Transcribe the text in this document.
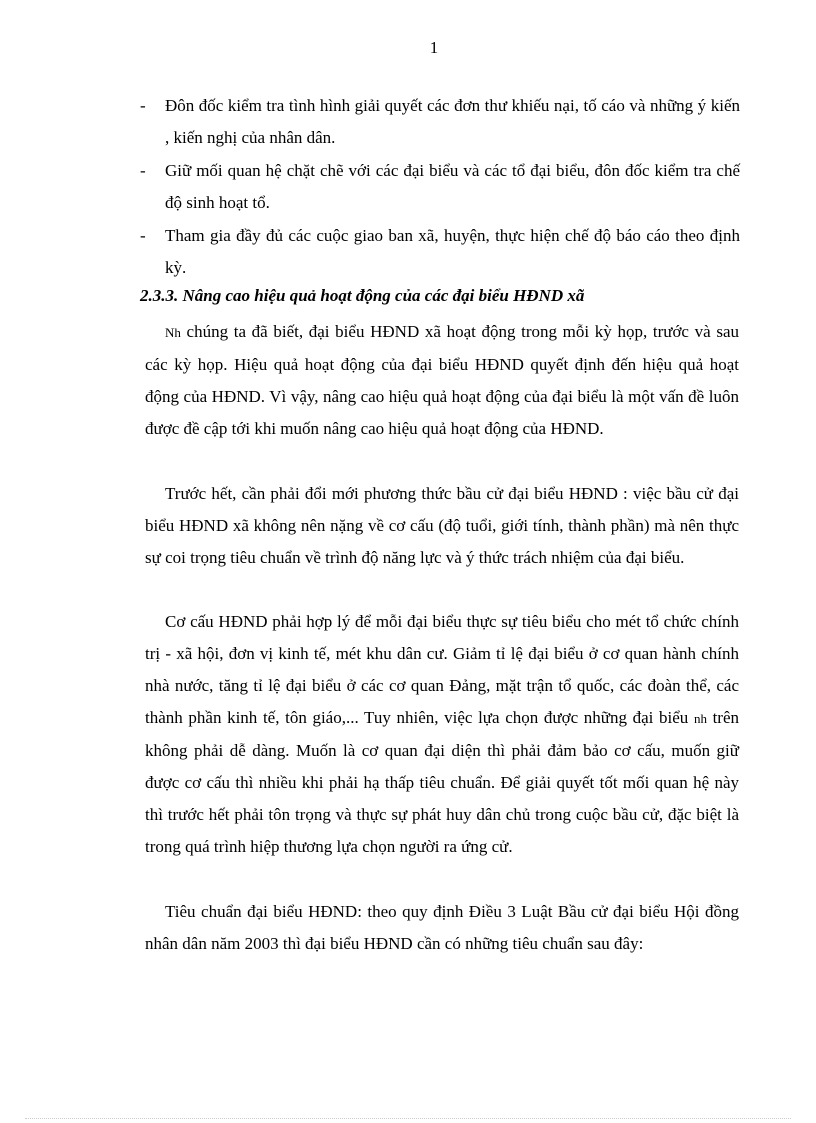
1
- Đôn đốc kiểm tra tình hình giải quyết các đơn thư khiếu nại, tố cáo và những ý kiến , kiến nghị của nhân dân.
- Giữ mối quan hệ chặt chẽ với các đại biểu và các tổ đại biểu, đôn đốc kiểm tra chế độ sinh hoạt tổ.
- Tham gia đầy đủ các cuộc giao ban xã, huyện, thực hiện chế độ báo cáo theo định kỳ.
2.3.3. Nâng cao hiệu quả hoạt động của các đại biểu HĐND xã
Nh chúng ta đã biết, đại biểu HĐND xã hoạt động trong mỗi kỳ họp, trước và sau các kỳ họp. Hiệu quả hoạt động của đại biểu HĐND quyết định đến hiệu quả hoạt động của HĐND. Vì vậy, nâng cao hiệu quả hoạt động của đại biểu là một vấn đề luôn được đề cập tới khi muốn nâng cao hiệu quả hoạt động của HĐND.
Trước hết, cần phải đổi mới phương thức bầu cử đại biểu HĐND : việc bầu cử đại biểu HĐND xã không nên nặng về cơ cấu (độ tuổi, giới tính, thành phần) mà nên thực sự coi trọng tiêu chuẩn về trình độ năng lực và ý thức trách nhiệm của đại biểu.
Cơ cấu HĐND phải hợp lý để mỗi đại biểu thực sự tiêu biểu cho mét tổ chức chính trị - xã hội, đơn vị kinh tế, mét khu dân cư. Giảm tỉ lệ đại biểu ở cơ quan hành chính nhà nước, tăng tỉ lệ đại biểu ở các cơ quan Đảng, mặt trận tổ quốc, các đoàn thể, các thành phần kinh tế, tôn giáo,... Tuy nhiên, việc lựa chọn được những đại biểu nh trên không phải dễ dàng. Muốn là cơ quan đại diện thì phải đảm bảo cơ cấu, muốn giữ được cơ cấu thì nhiều khi phải hạ thấp tiêu chuẩn. Để giải quyết tốt mối quan hệ này thì trước hết phải tôn trọng và thực sự phát huy dân chủ trong cuộc bầu cử, đặc biệt là trong quá trình hiệp thương lựa chọn người ra ứng cử.
Tiêu chuẩn đại biểu HĐND: theo quy định Điều 3 Luật Bầu cử đại biểu Hội đồng nhân dân năm 2003 thì đại biểu HĐND cần có những tiêu chuẩn sau đây:
